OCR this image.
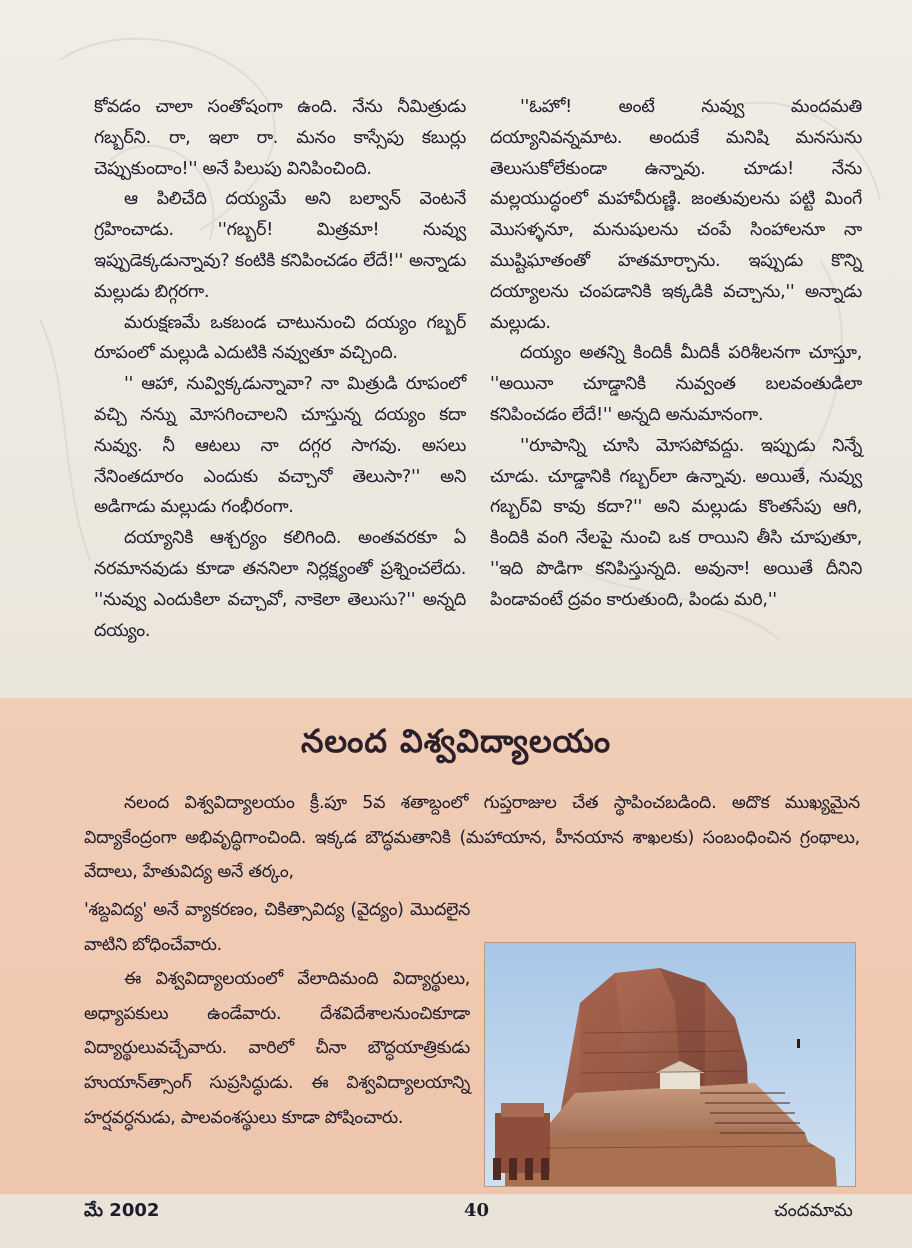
కోవడం చాలా సంతోషంగా ఉంది. నేను నీమిత్రుడు గబ్బర్‌ని. రా, ఇలా రా. మనం కాస్సేపు కబుర్లు చెప్పుకుందాం!'' అనే పిలుపు వినిపించింది.

ఆ పిలిచేది దయ్యమే అని బల్వాన్ వెంటనే గ్రహించాడు. ''గబ్బర్! మిత్రమా! నువ్వు ఇప్పుడెక్కడున్నావు? కంటికి కనిపించడం లేదే!'' అన్నాడు మల్లుడు బిగ్గరగా.

మరుక్షణమే ఒకబండ చాటునుంచి దయ్యం గబ్బర్ రూపంలో మల్లుడి ఎదుటికి నవ్వుతూ వచ్చింది.

'' ఆహా, నువ్విక్కడున్నావా? నా మిత్రుడి రూపంలో వచ్చి నన్ను మోసగించాలని చూస్తున్న దయ్యం కదా నువ్వు. నీ ఆటలు నా దగ్గర సాగవు. అసలు నేనింతదూరం ఎందుకు వచ్చానో తెలుసా?'' అని అడిగాడు మల్లుడు గంభీరంగా.

దయ్యానికి ఆశ్చర్యం కలిగింది. అంతవరకూ ఏ నరమానవుడు కూడా తననిలా నిర్లక్ష్యంతో ప్రశ్నించలేదు. ''నువ్వు ఎందుకిలా వచ్చావో, నాకెలా తెలుసు?'' అన్నది దయ్యం.

''ఓహో! అంటే నువ్వు మందమతి దయ్యానివన్నమాట. అందుకే మనిషి మనసును తెలుసుకోలేకుండా ఉన్నావు. చూడు! నేను మల్లయుద్ధంలో మహావీరుణ్ణి. జంతువులను పట్టి మింగే మొసళ్ళనూ, మనుషులను చంపే సింహాలనూ నా ముష్టిఘాతంతో హతమార్చాను. ఇప్పుడు కొన్ని దయ్యాలను చంపడానికి ఇక్కడికి వచ్చాను,'' అన్నాడు మల్లుడు.

దయ్యం అతన్ని కిందికీ మీదికీ పరిశీలనగా చూస్తూ, ''అయినా చూడ్డానికి నువ్వంత బలవంతుడిలా కనిపించడం లేదే!'' అన్నది అనుమానంగా.

''రూపాన్ని చూసి మోసపోవద్దు. ఇప్పుడు నిన్నే చూడు. చూడ్డానికి గబ్బర్‌లా ఉన్నావు. అయితే, నువ్వు గబ్బర్‌వి కావు కదా?'' అని మల్లుడు కొంతసేపు ఆగి, కిందికి వంగి నేలపై నుంచి ఒక రాయిని తీసి చూపుతూ, ''ఇది పొడిగా కనిపిస్తున్నది. అవునా! అయితే దీనిని పిండావంటే ద్రవం కారుతుంది, పిండు మరి,''

నలంద విశ్వవిద్యాలయం

నలంద విశ్వవిద్యాలయం క్రీ.పూ 5వ శతాబ్దంలో గుప్తరాజుల చేత స్థాపించబడింది. అదొక ముఖ్యమైన విద్యాకేంద్రంగా అభివృద్ధిగాంచింది. ఇక్కడ బౌద్ధమతానికి (మహాయాన, హీనయాన శాఖలకు) సంబంధించిన గ్రంథాలు, వేదాలు, హేతువిద్య అనే తర్కం,

'శబ్దవిద్య' అనే వ్యాకరణం, చికిత్సావిద్య (వైద్యం) మొదలైన వాటిని బోధించేవారు.

ఈ విశ్వవిద్యాలయంలో వేలాదిమంది విద్యార్థులు, అధ్యాపకులు ఉండేవారు. దేశవిదేశాలనుంచికూడా విద్యార్థులువచ్చేవారు. వారిలో చీనా బౌద్ధయాత్రికుడు హుయాన్‌త్సాంగ్ సుప్రసిద్ధుడు. ఈ విశ్వవిద్యాలయాన్ని హర్షవర్ధనుడు, పాలవంశస్థులు కూడా పోషించారు.

మే 2002	40	చందమామ
